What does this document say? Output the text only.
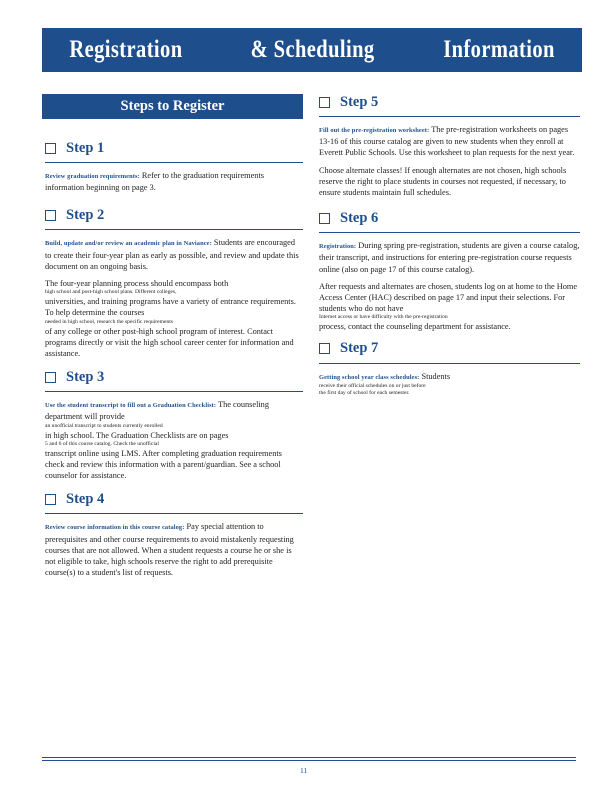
Registration	& Scheduling	Information
Steps to Register
Step 1

Review graduation requirements: Refer to the graduation requirements information beginning on page 3.

Step 2

Build, update and/or review an academic plan in Naviance: Students are encouraged to create their four-year plan as early as possible, and review and update this document on an ongoing basis.

The four-year planning process should encompass both
high school and post-high school plans. Different colleges,
universities, and training programs have a variety of entrance requirements. To help determine the courses
needed in high school, research the specific requirements
of any college or other post-high school program of interest. Contact programs directly or visit the high school career center for information and assistance.

Step 3

Use the student transcript to fill out a Graduation Checklist: The counseling department will provide
an unofficial transcript to students currently enrolled
in high school. The Graduation Checklists are on pages
5 and 6 of this course catalog. Check the unofficial
transcript online using LMS. After completing graduation requirements check and review this information with a parent/guardian. See a school counselor for assistance.

Step 4

Review course information in this course catalog: Pay special attention to prerequisites and other course requirements to avoid mistakenly requesting courses that are not allowed. When a student requests a course he or she is not eligible to take, high schools reserve the right to add prerequisite course(s) to a student's list of requests.

Step 5

Fill out the pre-registration worksheet: The pre-registration worksheets on pages 13-16 of this course catalog are given to new students when they enroll at Everett Public Schools. Use this worksheet to plan requests for the next year.

Choose alternate classes! If enough alternates are not chosen, high schools reserve the right to place students in courses not requested, if necessary, to ensure students maintain full schedules.

Step 6

Registration: During spring pre-registration, students are given a course catalog, their transcript, and instructions for entering pre-registration course requests online (also on page 17 of this course catalog).

After requests and alternates are chosen, students log on at home to the Home Access Center (HAC) described on page 17 and input their selections. For students who do not have
Internet access or have difficulty with the pre-registration
process, contact the counseling department for assistance.

Step 7

Getting school year class schedules: Students
receive their official schedules on or just before
the first day of school for each semester.

11
